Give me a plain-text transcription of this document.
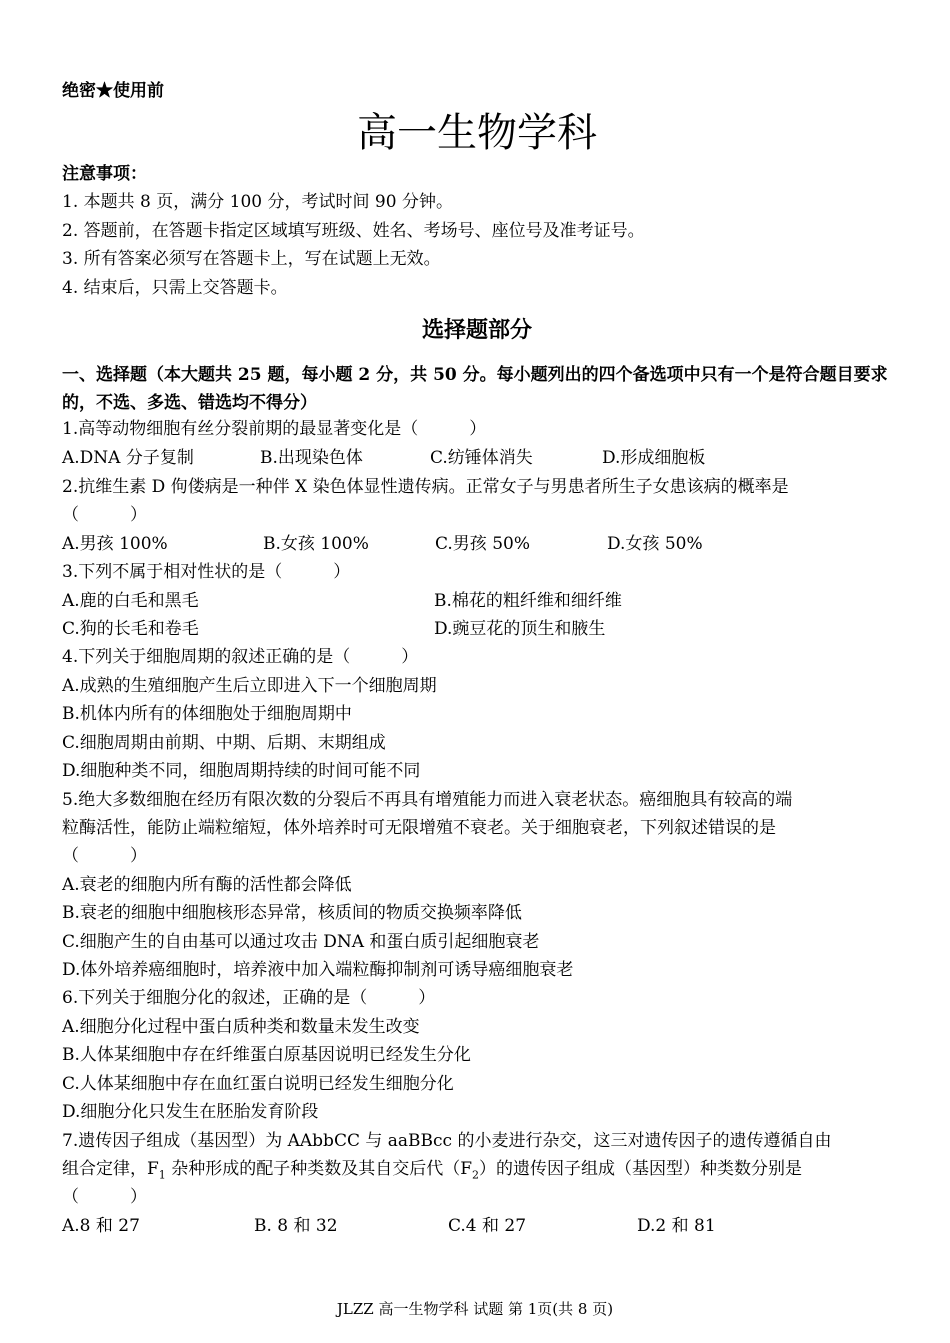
绝密★使用前
高一生物学科
注意事项：
1. 本题共 8 页，满分 100 分，考试时间 90 分钟。
2. 答题前，在答题卡指定区域填写班级、姓名、考场号、座位号及准考证号。
3. 所有答案必须写在答题卡上，写在试题上无效。
4. 结束后，只需上交答题卡。
选择题部分
一、选择题（本大题共 25 题，每小题 2 分，共 50 分。每小题列出的四个备选项中只有一个是符合题目要求的，不选、多选、错选均不得分）
1.高等动物细胞有丝分裂前期的最显著变化是（　　　）
A.DNA 分子复制	B.出现染色体	C.纺锤体消失	D.形成细胞板
2.抗维生素 D 佝偻病是一种伴 X 染色体显性遗传病。正常女子与男患者所生子女患该病的概率是
（　　　）
A.男孩 100%	B.女孩 100%	C.男孩 50%	D.女孩 50%
3.下列不属于相对性状的是（　　　）
A.鹿的白毛和黑毛	B.棉花的粗纤维和细纤维
C.狗的长毛和卷毛	D.豌豆花的顶生和腋生
4.下列关于细胞周期的叙述正确的是（　　　）
A.成熟的生殖细胞产生后立即进入下一个细胞周期
B.机体内所有的体细胞处于细胞周期中
C.细胞周期由前期、中期、后期、末期组成
D.细胞种类不同，细胞周期持续的时间可能不同
5.绝大多数细胞在经历有限次数的分裂后不再具有增殖能力而进入衰老状态。癌细胞具有较高的端
粒酶活性，能防止端粒缩短，体外培养时可无限增殖不衰老。关于细胞衰老，下列叙述错误的是
（　　　）
A.衰老的细胞内所有酶的活性都会降低
B.衰老的细胞中细胞核形态异常，核质间的物质交换频率降低
C.细胞产生的自由基可以通过攻击 DNA 和蛋白质引起细胞衰老
D.体外培养癌细胞时，培养液中加入端粒酶抑制剂可诱导癌细胞衰老
6.下列关于细胞分化的叙述，正确的是（　　　）
A.细胞分化过程中蛋白质种类和数量未发生改变
B.人体某细胞中存在纤维蛋白原基因说明已经发生分化
C.人体某细胞中存在血红蛋白说明已经发生细胞分化
D.细胞分化只发生在胚胎发育阶段
7.遗传因子组成（基因型）为 AAbbCC 与 aaBBcc 的小麦进行杂交，这三对遗传因子的遗传遵循自由
组合定律，$F_1$ 杂种形成的配子种类数及其自交后代$(F_2)$的遗传因子组成（基因型）种类数分别是
（　　　）
A.8 和 27	B. 8 和 32	C.4 和 27	D.2 和 81
JLZZ 高一生物学科 试题 第 1页(共 8 页)
